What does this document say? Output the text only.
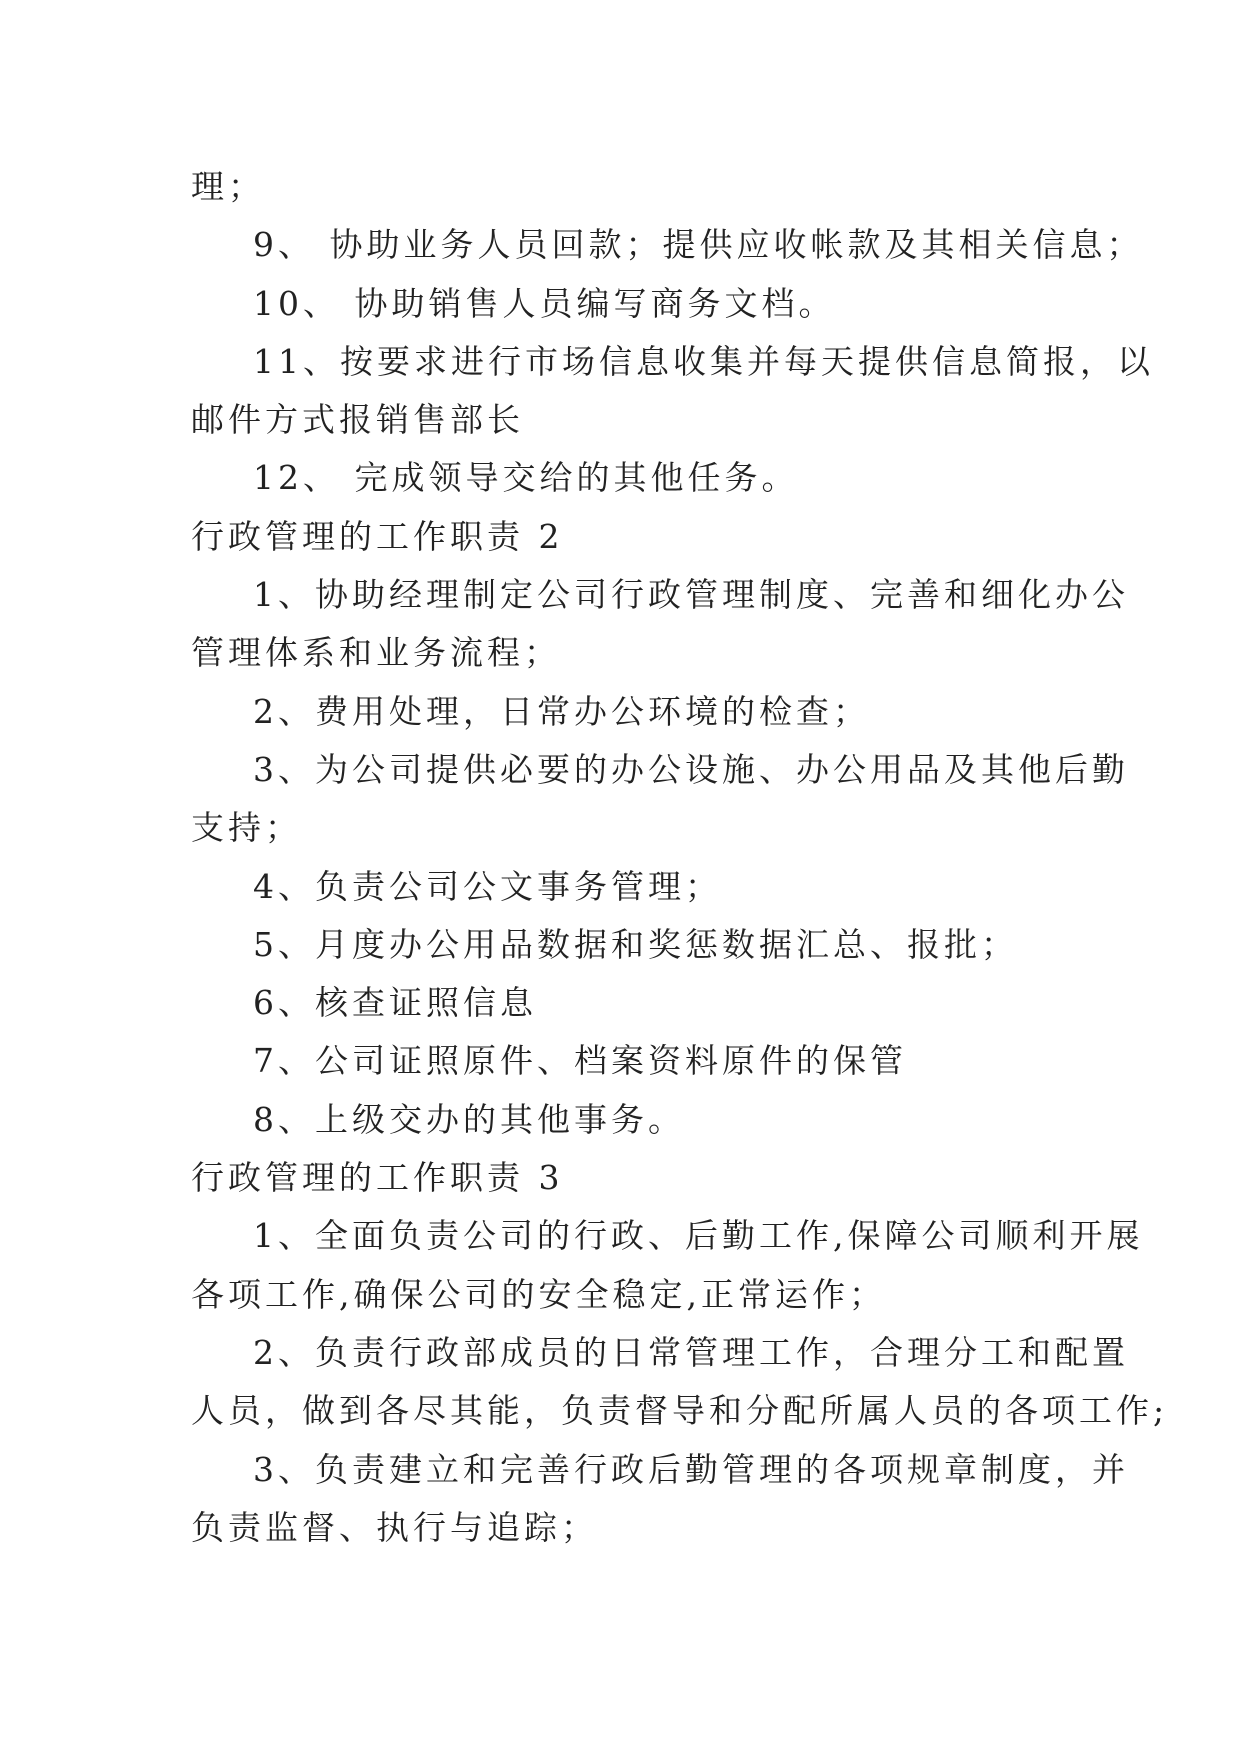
理；
9、 协助业务人员回款；提供应收帐款及其相关信息；
10、 协助销售人员编写商务文档。
11、按要求进行市场信息收集并每天提供信息简报，以
邮件方式报销售部长
12、 完成领导交给的其他任务。
行政管理的工作职责 2
1、协助经理制定公司行政管理制度、完善和细化办公
管理体系和业务流程；
2、费用处理，日常办公环境的检查；
3、为公司提供必要的办公设施、办公用品及其他后勤
支持；
4、负责公司公文事务管理；
5、月度办公用品数据和奖惩数据汇总、报批；
6、核查证照信息
7、公司证照原件、档案资料原件的保管
8、上级交办的其他事务。
行政管理的工作职责 3
1、全面负责公司的行政、后勤工作,保障公司顺利开展
各项工作,确保公司的安全稳定,正常运作；
2、负责行政部成员的日常管理工作，合理分工和配置
人员，做到各尽其能，负责督导和分配所属人员的各项工作;
3、负责建立和完善行政后勤管理的各项规章制度，并
负责监督、执行与追踪；
